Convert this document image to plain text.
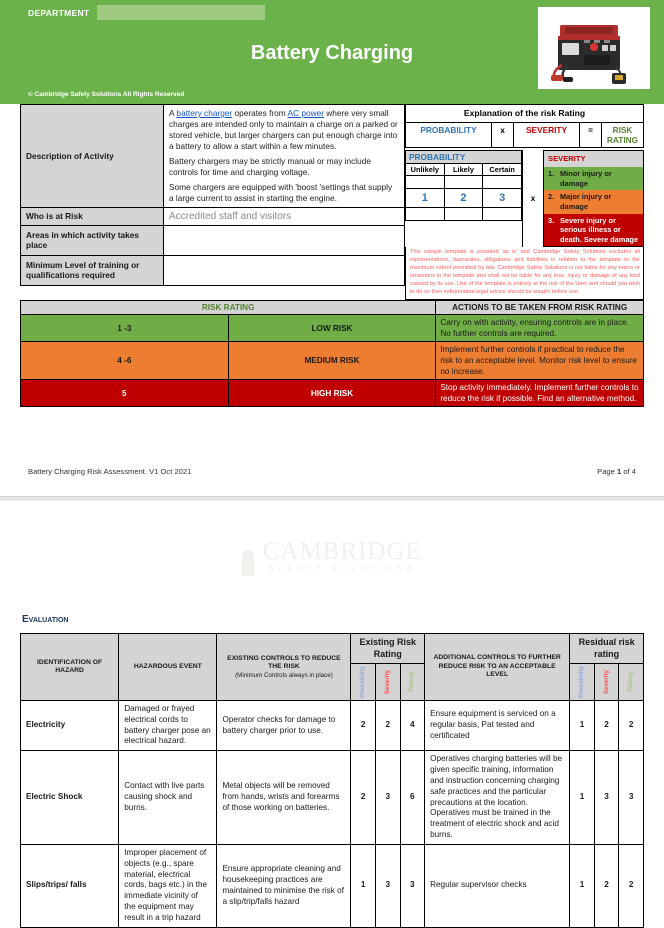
DEPARTMENT
Battery Charging
© Cambridge Safety Solutions All Rights Reserved
Description of Activity	A battery charger operates from AC power where very small charges are intended only to maintain a charge on a parked or stored vehicle, but larger chargers can put enough charge into a battery to allow a start within a few minutes.

Battery chargers may be strictly manual or may include controls for time and charging voltage.

Some chargers are equipped with 'boost 'settings that supply a large current to assist in starting the engine.

Who is at Risk	Accredited staff and visitors
Areas in which activity takes place	
Minimum Level of training or qualifications required	
Explanation of the risk Rating
PROBABILITY	x	SEVERITY	=	RISK RATING
PROBABILITY
Unlikely	Likely	Certain

1	2	3
			x
SEVERITY
1. Minor injury or damage
2. Major injury or damage
3. Severe injury or serious illness or death. Severe damage
This sample template is provided 'as is' and Cambridge Safety Solutions excludes all representations, warranties, obligations and liabilities in relation to the template to the maximum extent permitted by law. Cambridge Safety Solutions is not liable for any errors or omissions in the template and shall not be liable for any loss, injury or damage of any kind caused by its use. Use of the template is entirely at the risk of the User and should you wish to do so then independent legal advice should be sought before use.
RISK RATING		ACTIONS TO BE TAKEN FROM RISK RATING
1 -3	LOW RISK	Carry on with activity, ensuring controls are in place. No further controls are required.
4 -6	MEDIUM RISK	Implement further controls if practical to reduce the risk to an acceptable level. Monitor risk level to ensure no increase.
5	HIGH RISK	Stop activity immediately. Implement further controls to reduce the risk if possible. Find an alternative method.
Battery Charging Risk Assessment. V1 Oct 2021	Page 1 of 4
CAMBRIDGE
SAFETY SOLUTIONS
Evaluation
IDENTIFICATION OF HAZARD	HAZARDOUS EVENT	EXISTING CONTROLS TO REDUCE THE RISK
(Minimum Controls always in place)	Existing Risk Rating			ADDITIONAL CONTROLS TO FURTHER REDUCE RISK TO AN ACCEPTABLE LEVEL	Residual risk rating		

			Probability	Severity	Rating		Probability	Severity	Rating

Electricity	Damaged or frayed electrical cords to battery charger pose an electrical hazard.	Operator checks for damage to battery charger prior to use.	2	2	4	Ensure equipment is serviced on a regular basis, Pat tested and certificated	1	2	2
Electric Shock	Contact with live parts causing shock and burns.	Metal objects will be removed from hands, wrists and forearms of those working on batteries.	2	3	6	Operatives charging batteries will be given specific training, information and instruction concerning charging safe practices and the particular precautions at the location. Operatives must be trained in the treatment of electric shock and acid burns.	1	3	3
Slips/trips/ falls	Improper placement of objects (e.g., spare material, electrical cords, bags etc.) in the immediate vicinity of the equipment may result in a trip hazard	Ensure appropriate cleaning and housekeeping practices are maintained to minimise the risk of a slip/trip/falls hazard	1	3	3	Regular supervisor checks	1	2	2
